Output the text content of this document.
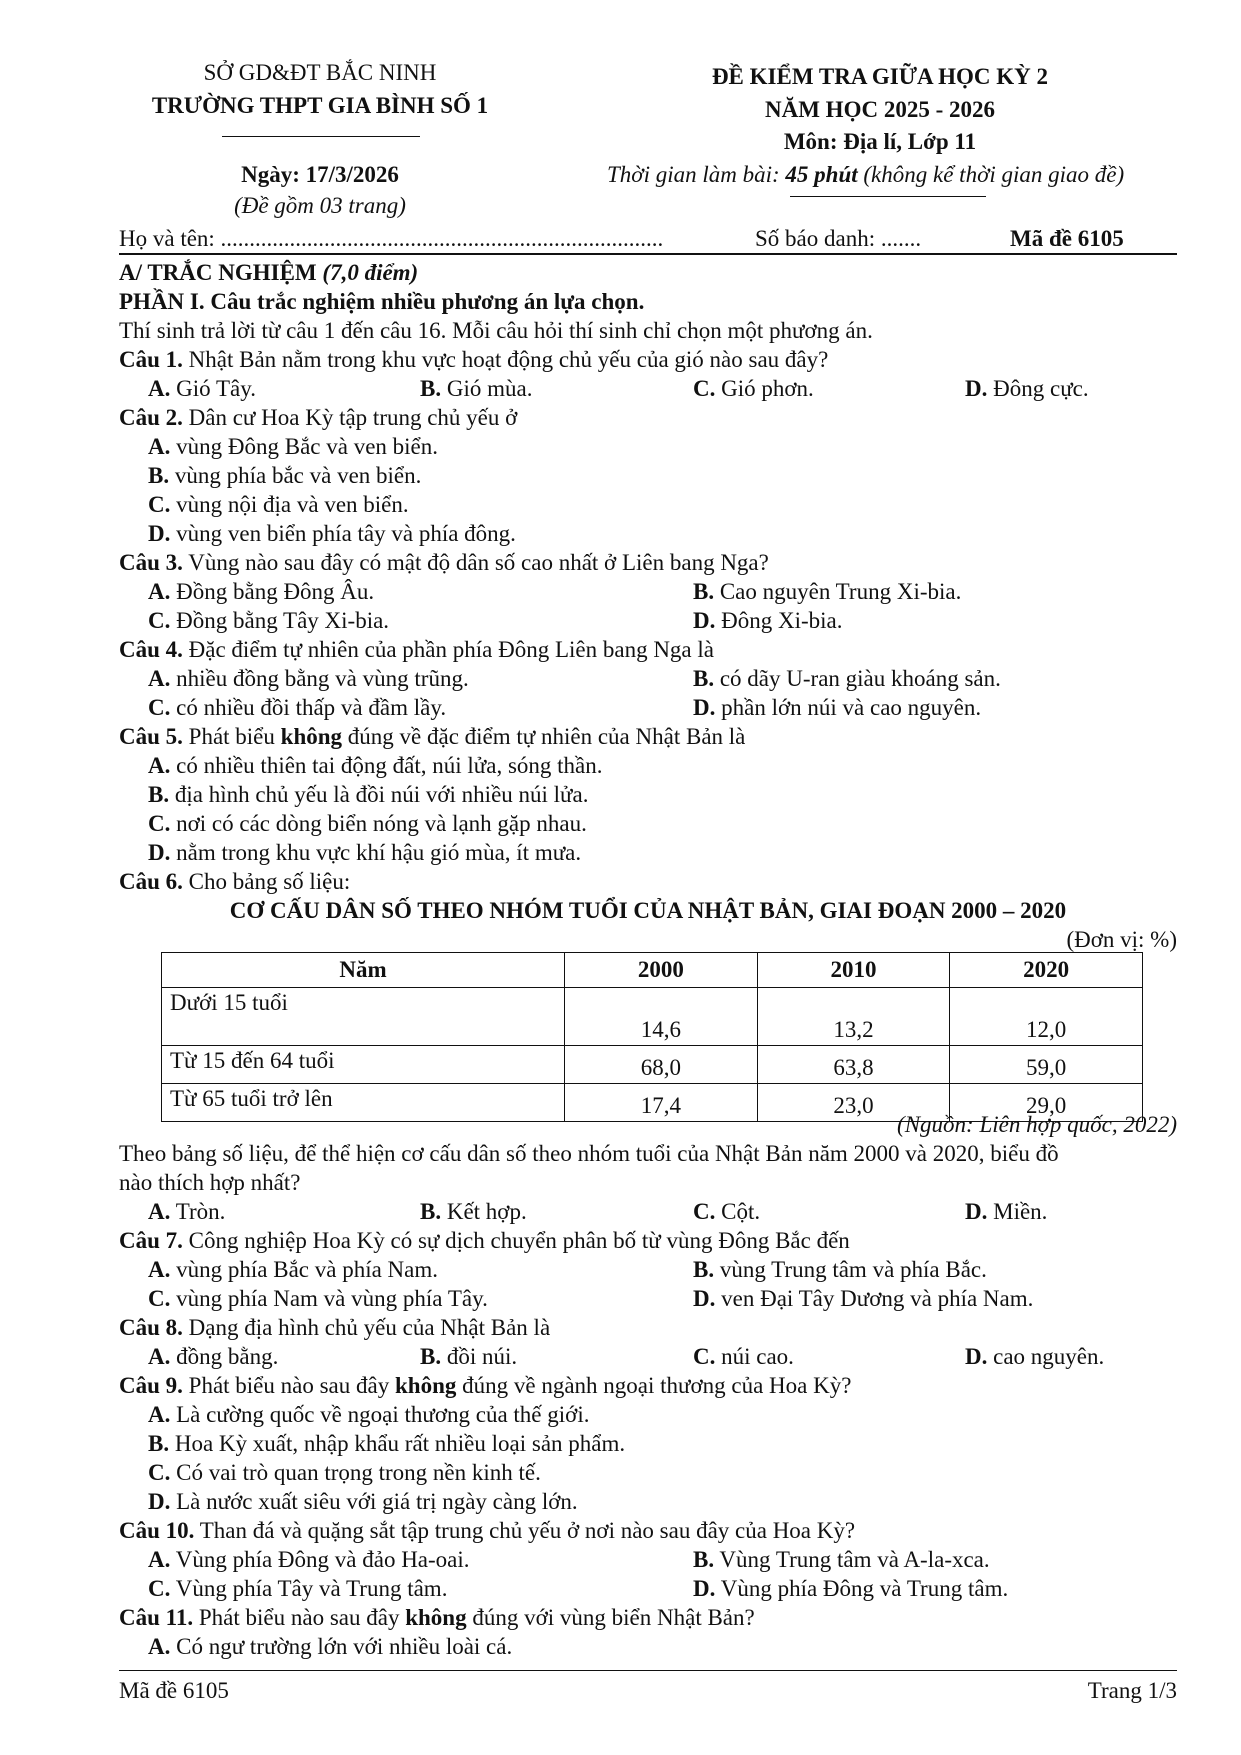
SỞ GD&ĐT BẮC NINH
TRƯỜNG THPT GIA BÌNH SỐ 1
Ngày: 17/3/2026
(Đề gồm 03 trang)
ĐỀ KIỂM TRA GIỮA HỌC KỲ 2
NĂM HỌC 2025 - 2026
Môn: Địa lí, Lớp 11
Thời gian làm bài: 45 phút (không kể thời gian giao đề)
Họ và tên: .............................................................................	Số báo danh: .......	Mã đề 6105
A/ TRẮC NGHIỆM (7,0 điểm)
PHẦN I. Câu trắc nghiệm nhiều phương án lựa chọn.
Thí sinh trả lời từ câu 1 đến câu 16. Mỗi câu hỏi thí sinh chỉ chọn một phương án.
Câu 1. Nhật Bản nằm trong khu vực hoạt động chủ yếu của gió nào sau đây?
A. Gió Tây.	B. Gió mùa.	C. Gió phơn.	D. Đông cực.
Câu 2. Dân cư Hoa Kỳ tập trung chủ yếu ở
A. vùng Đông Bắc và ven biển.
B. vùng phía bắc và ven biển.
C. vùng nội địa và ven biển.
D. vùng ven biển phía tây và phía đông.
Câu 3. Vùng nào sau đây có mật độ dân số cao nhất ở Liên bang Nga?
A. Đồng bằng Đông Âu.	B. Cao nguyên Trung Xi-bia.
C. Đồng bằng Tây Xi-bia.	D. Đông Xi-bia.
Câu 4. Đặc điểm tự nhiên của phần phía Đông Liên bang Nga là
A. nhiều đồng bằng và vùng trũng.	B. có dãy U-ran giàu khoáng sản.
C. có nhiều đồi thấp và đầm lầy.	D. phần lớn núi và cao nguyên.
Câu 5. Phát biểu không đúng về đặc điểm tự nhiên của Nhật Bản là
A. có nhiều thiên tai động đất, núi lửa, sóng thần.
B. địa hình chủ yếu là đồi núi với nhiều núi lửa.
C. nơi có các dòng biển nóng và lạnh gặp nhau.
D. nằm trong khu vực khí hậu gió mùa, ít mưa.
Câu 6. Cho bảng số liệu:
CƠ CẤU DÂN SỐ THEO NHÓM TUỔI CỦA NHẬT BẢN, GIAI ĐOẠN 2000 – 2020
(Đơn vị: %)
Năm	2000	2010	2020
Dưới 15 tuổi	14,6	13,2	12,0
Từ 15 đến 64 tuổi	68,0	63,8	59,0
Từ 65 tuổi trở lên	17,4	23,0	29,0
(Nguồn: Liên hợp quốc, 2022)
Theo bảng số liệu, để thể hiện cơ cấu dân số theo nhóm tuổi của Nhật Bản năm 2000 và 2020, biểu đồ
nào thích hợp nhất?
A. Tròn.	B. Kết hợp.	C. Cột.	D. Miền.
Câu 7. Công nghiệp Hoa Kỳ có sự dịch chuyển phân bố từ vùng Đông Bắc đến
A. vùng phía Bắc và phía Nam.	B. vùng Trung tâm và phía Bắc.
C. vùng phía Nam và vùng phía Tây.	D. ven Đại Tây Dương và phía Nam.
Câu 8. Dạng địa hình chủ yếu của Nhật Bản là
A. đồng bằng.	B. đồi núi.	C. núi cao.	D. cao nguyên.
Câu 9. Phát biểu nào sau đây không đúng về ngành ngoại thương của Hoa Kỳ?
A. Là cường quốc về ngoại thương của thế giới.
B. Hoa Kỳ xuất, nhập khẩu rất nhiều loại sản phẩm.
C. Có vai trò quan trọng trong nền kinh tế.
D. Là nước xuất siêu với giá trị ngày càng lớn.
Câu 10. Than đá và quặng sắt tập trung chủ yếu ở nơi nào sau đây của Hoa Kỳ?
A. Vùng phía Đông và đảo Ha-oai.	B. Vùng Trung tâm và A-la-xca.
C. Vùng phía Tây và Trung tâm.	D. Vùng phía Đông và Trung tâm.
Câu 11. Phát biểu nào sau đây không đúng với vùng biển Nhật Bản?
A. Có ngư trường lớn với nhiều loài cá.
Mã đề 6105	Trang 1/3
